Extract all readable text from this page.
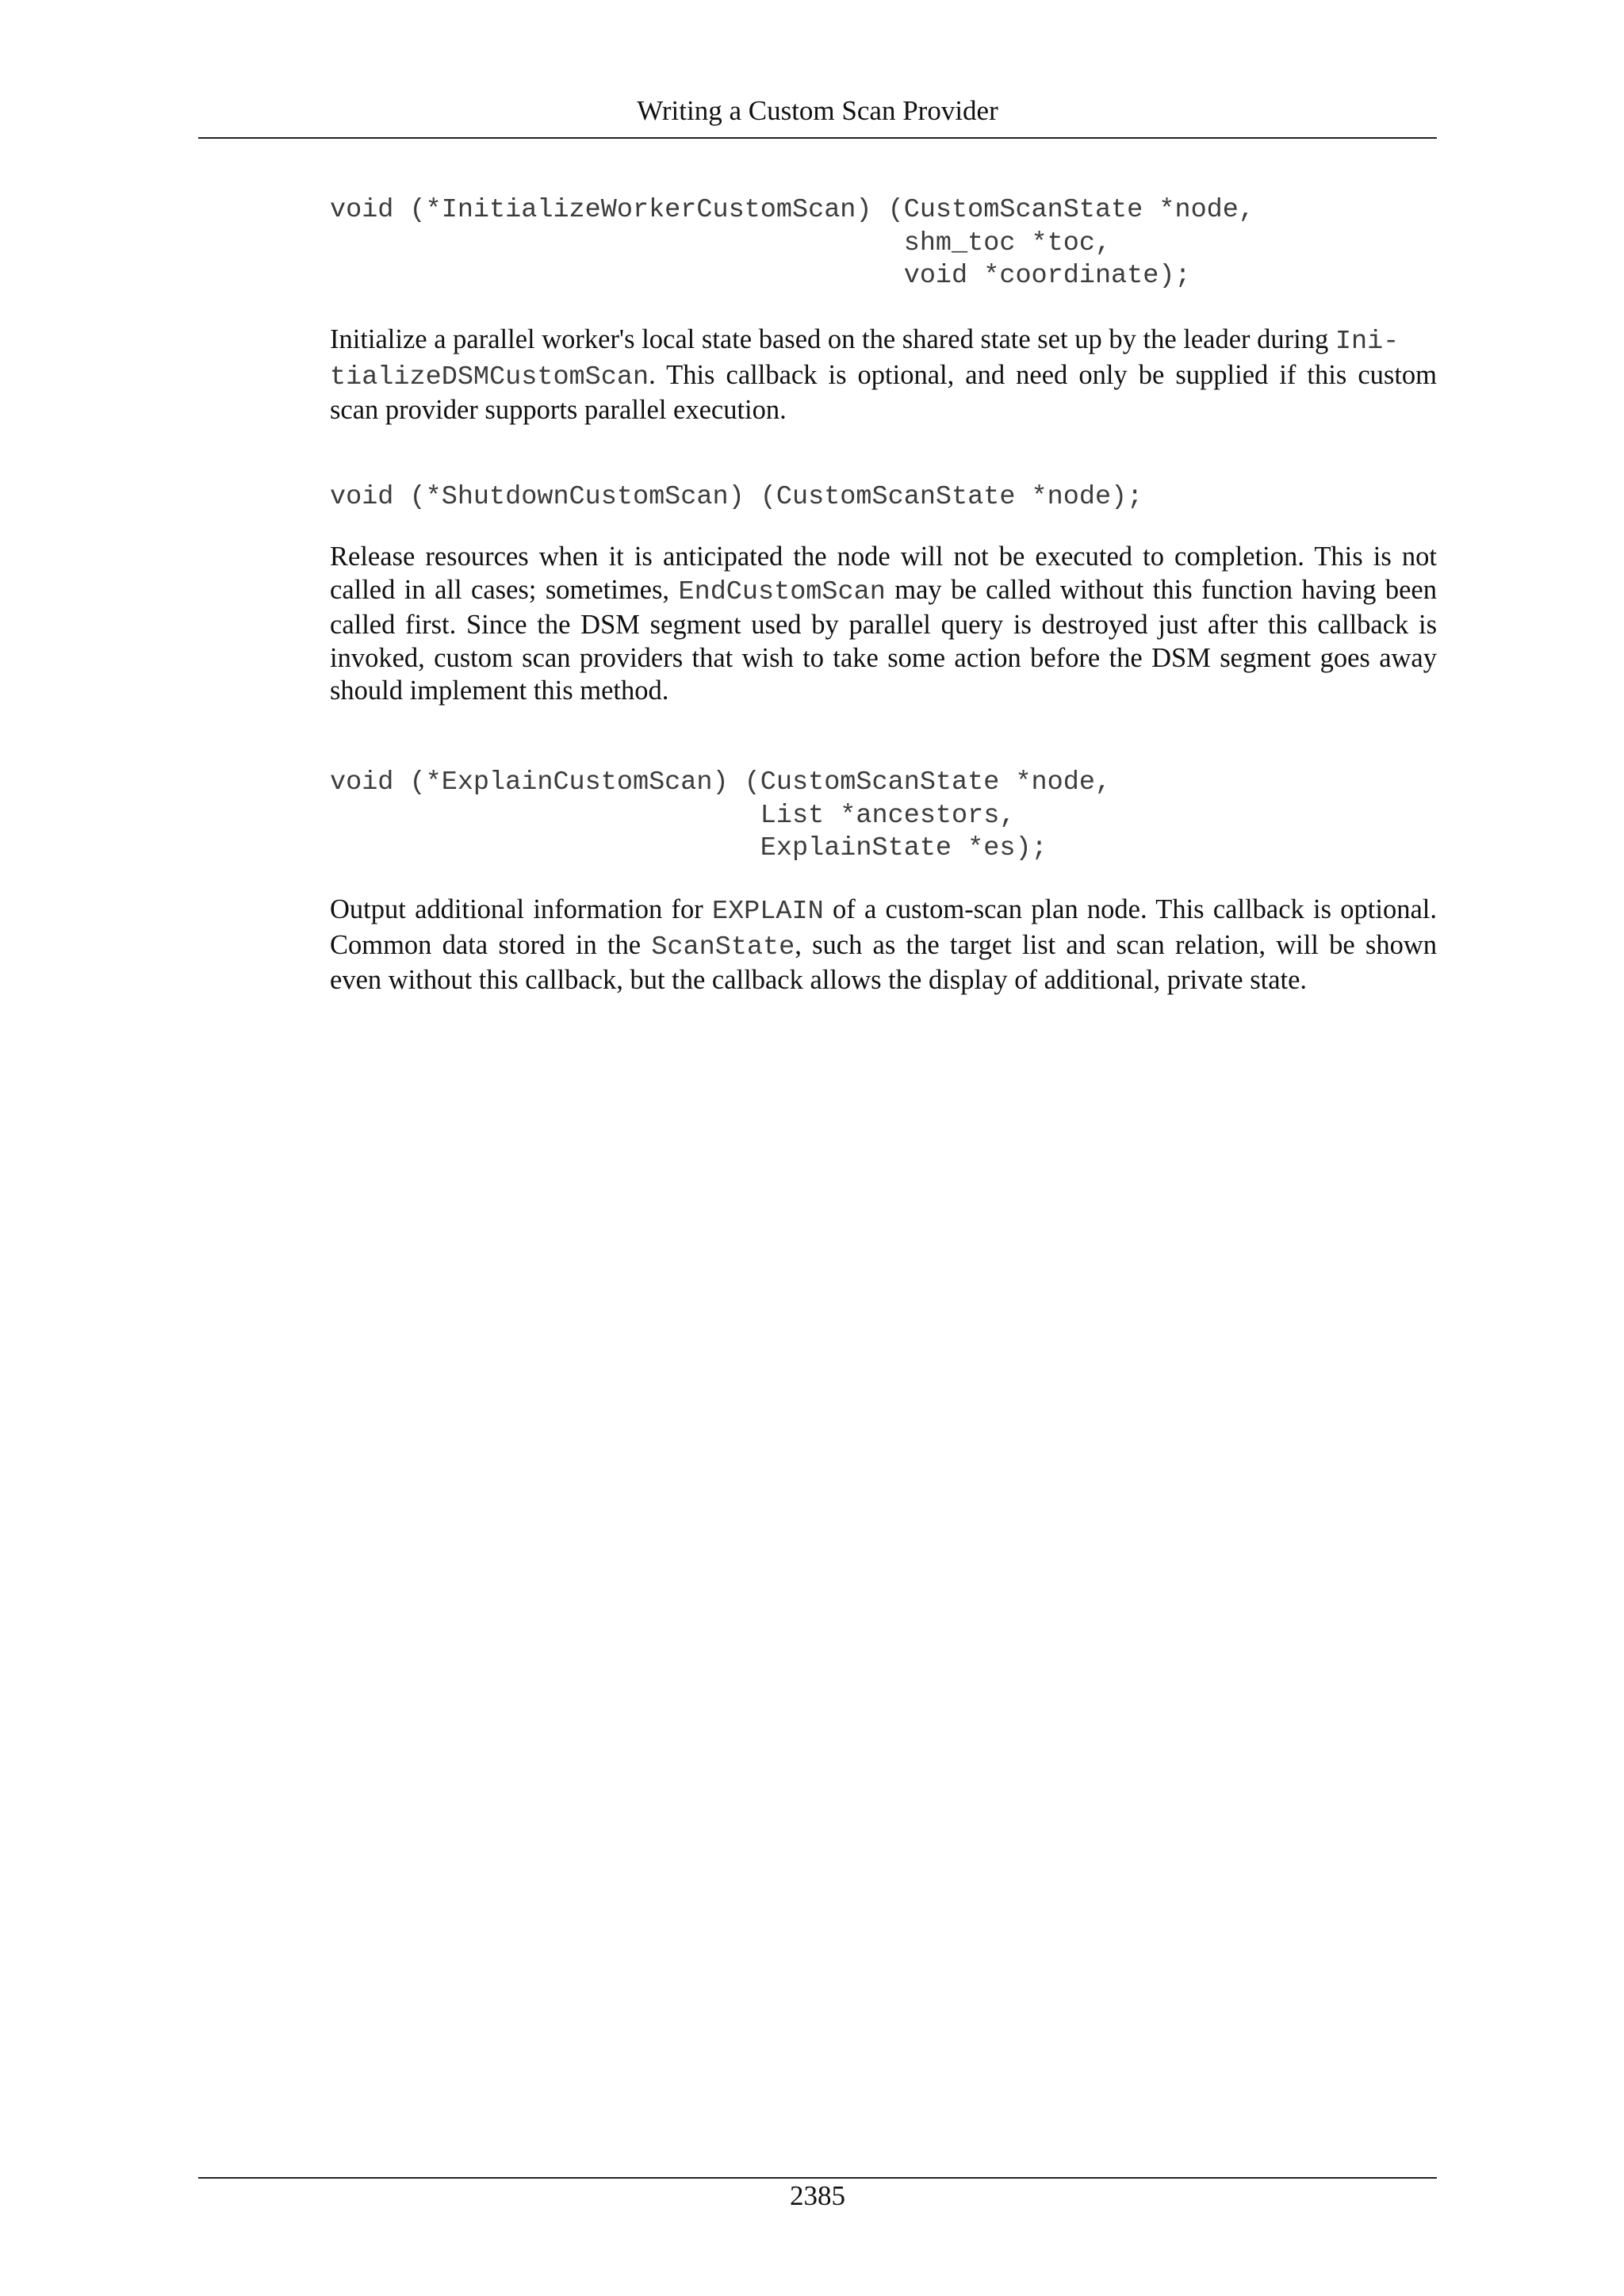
Writing a Custom Scan Provider
void (*InitializeWorkerCustomScan) (CustomScanState *node,
shm_toc *toc,
void *coordinate);

Initialize a parallel worker's local state based on the shared state set up by the leader during Ini-
tializeDSMCustomScan. This callback is optional, and need only be supplied if this custom scan provider supports parallel execution.

void (*ShutdownCustomScan) (CustomScanState *node);

Release resources when it is anticipated the node will not be executed to completion. This is not called in all cases; sometimes, EndCustomScan may be called without this function having been called first. Since the DSM segment used by parallel query is destroyed just after this callback is invoked, custom scan providers that wish to take some action before the DSM segment goes away should implement this method.

void (*ExplainCustomScan) (CustomScanState *node,
List *ancestors,
ExplainState *es);

Output additional information for EXPLAIN of a custom-scan plan node. This callback is optional. Common data stored in the ScanState, such as the target list and scan relation, will be shown even without this callback, but the callback allows the display of additional, private state.

2385
